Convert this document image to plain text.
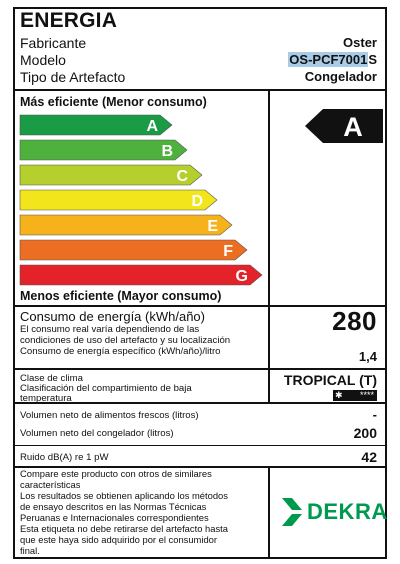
ENERGIA
Fabricante	Oster
Modelo	OS-PCF7001S
Tipo de Artefacto	Congelador
Más eficiente (Menor consumo)
A
B
C
D
E
F
G
Menos eficiente (Mayor consumo)
A
Consumo de energía (kWh/año)
El consumo real varía dependiendo de las
condiciones de uso del artefacto y su localización
Consumo de energía específico (kWh/año)/litro
280
1,4
Clase de clima
Clasificación del compartimiento de baja
temperatura
TROPICAL (T)
✱ ****
Volumen neto de alimentos frescos (litros)	-
Volumen neto del congelador (litros)	200
Ruido dB(A) re 1 pW	42
Compare este producto con otros de similares
características
Los resultados se obtienen aplicando los métodos
de ensayo descritos en las Normas Técnicas
Peruanas e Internacionales correspondientes
Esta etiqueta no debe retirarse del artefacto hasta
que este haya sido adquirido por el consumidor
final.
DEKRA
